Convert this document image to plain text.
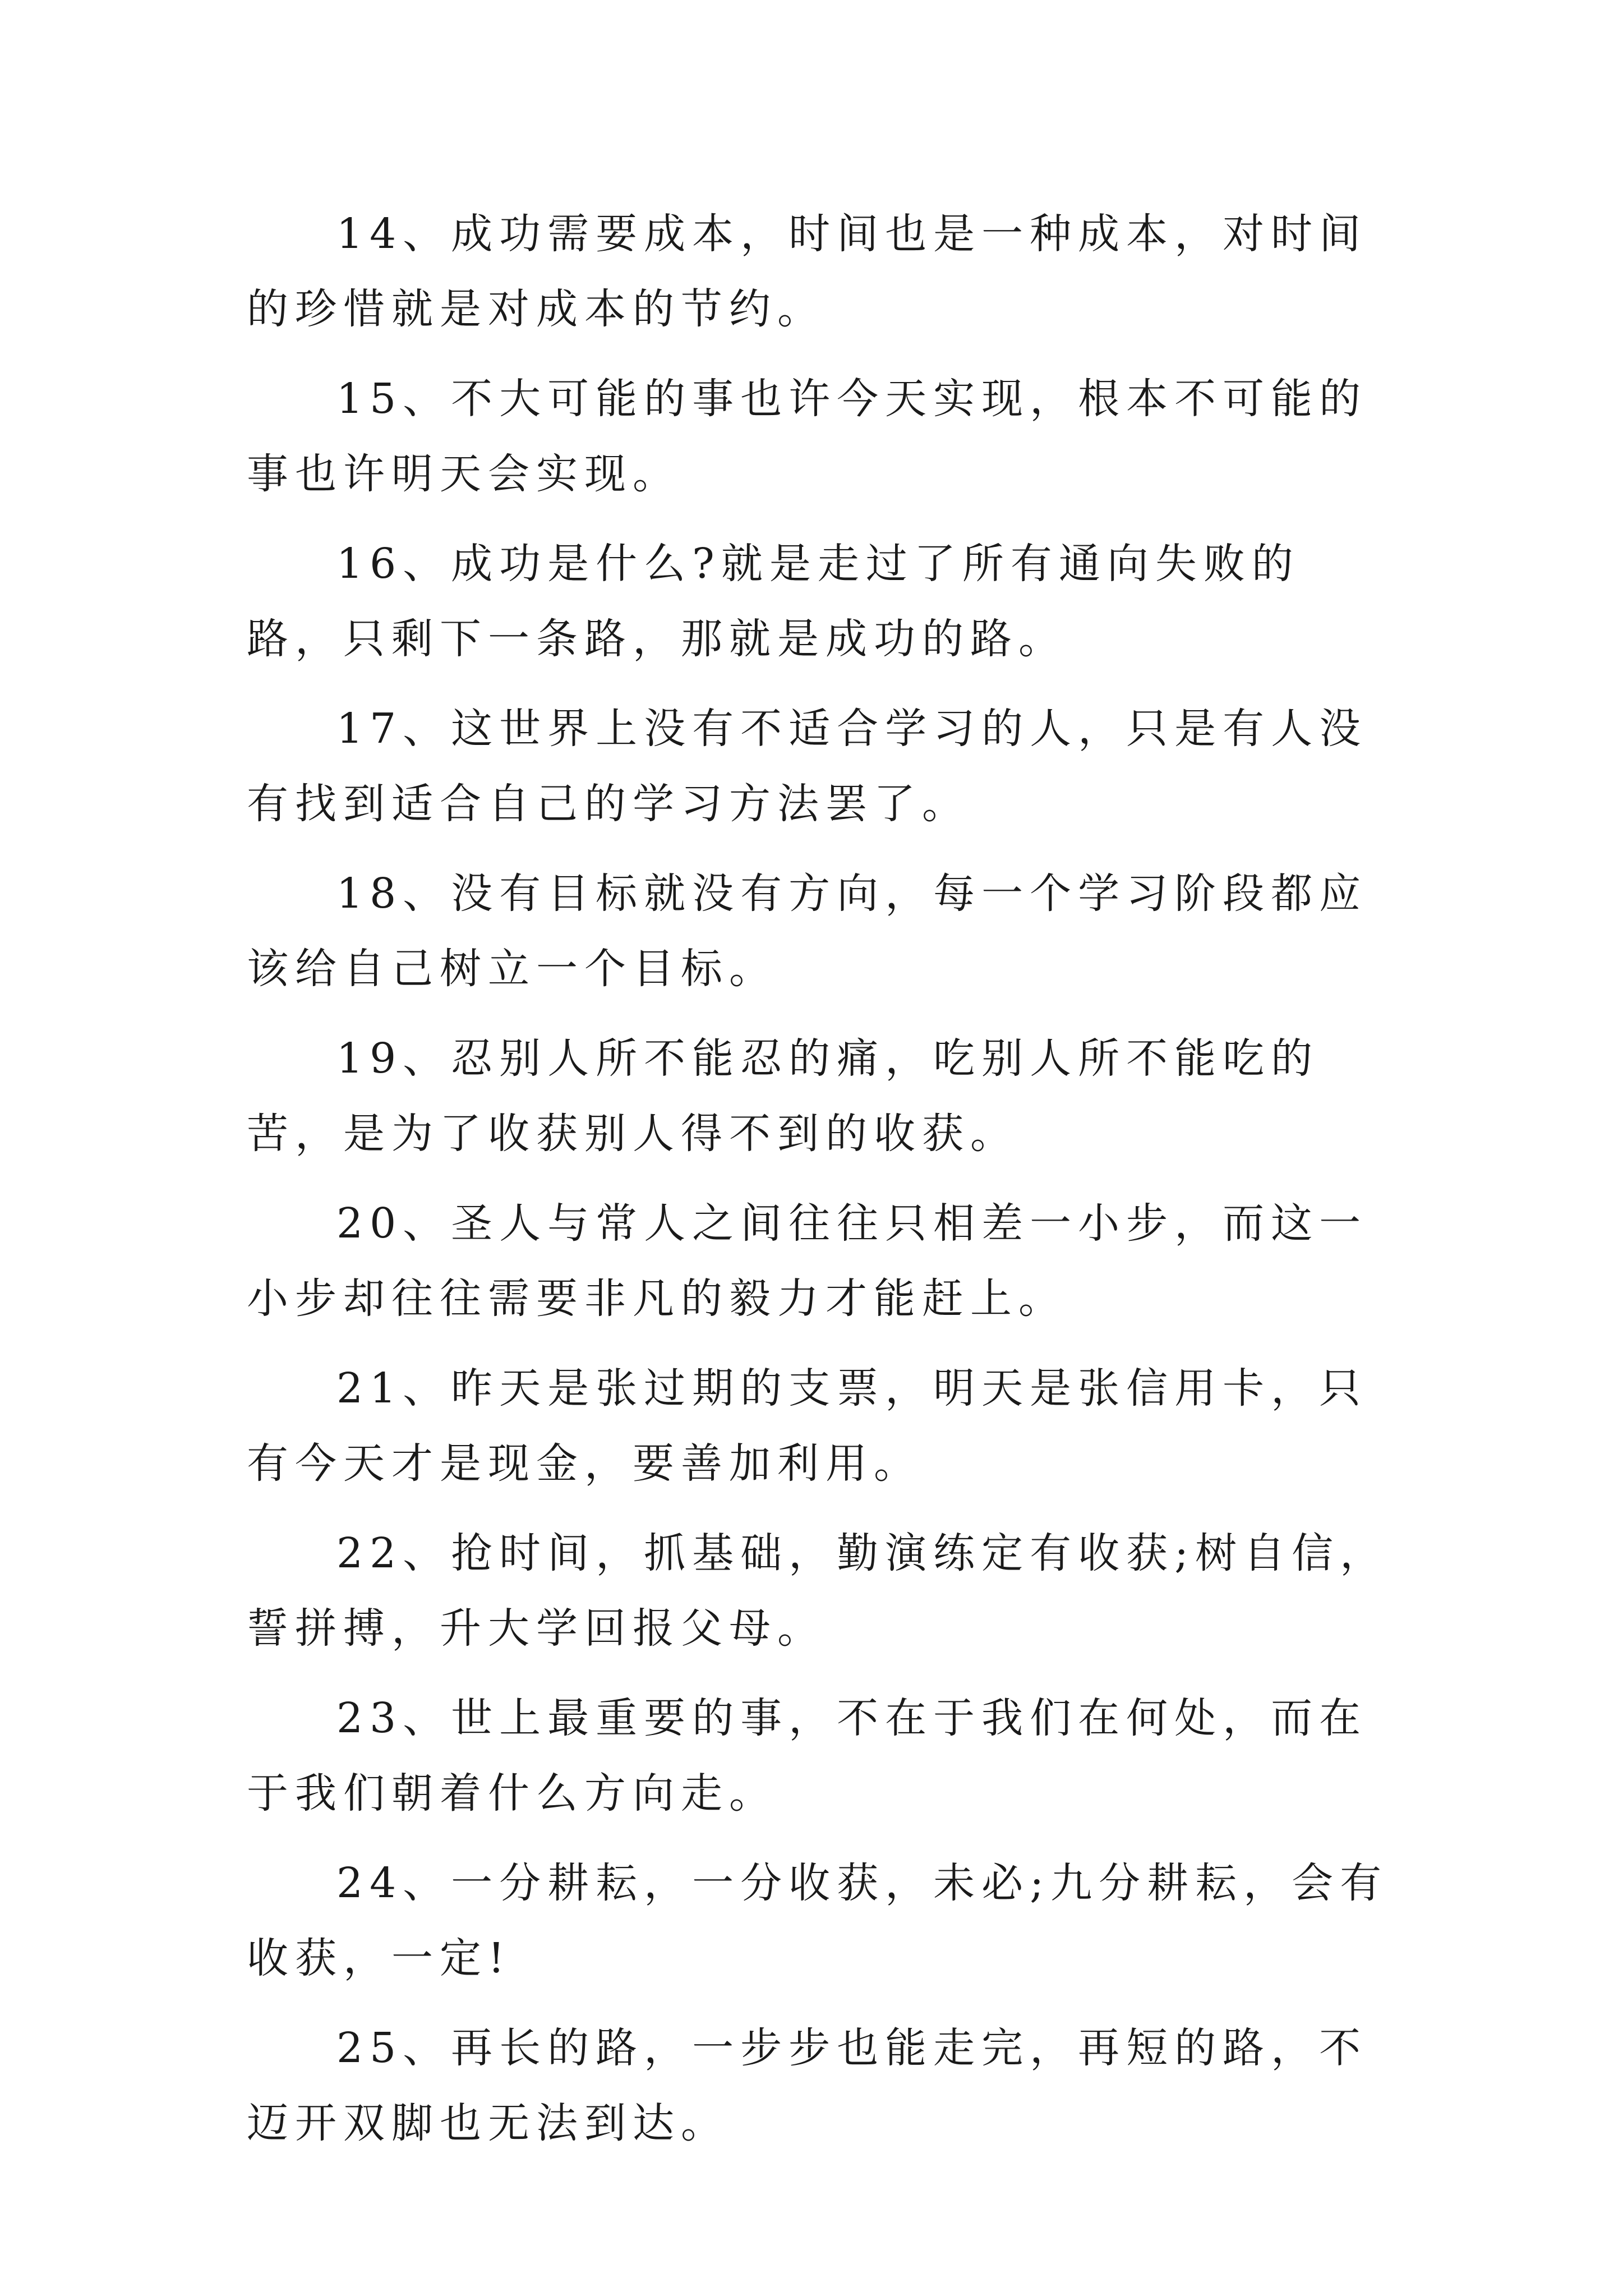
14、成功需要成本，时间也是一种成本，对时间的珍惜就是对成本的节约。

15、不大可能的事也许今天实现，根本不可能的事也许明天会实现。

16、成功是什么?就是走过了所有通向失败的路，只剩下一条路，那就是成功的路。

17、这世界上没有不适合学习的人，只是有人没有找到适合自己的学习方法罢了。

18、没有目标就没有方向，每一个学习阶段都应该给自己树立一个目标。

19、忍别人所不能忍的痛，吃别人所不能吃的苦，是为了收获别人得不到的收获。

20、圣人与常人之间往往只相差一小步，而这一小步却往往需要非凡的毅力才能赶上。

21、昨天是张过期的支票，明天是张信用卡，只有今天才是现金，要善加利用。

22、抢时间，抓基础，勤演练定有收获;树自信，誓拼搏，升大学回报父母。

23、世上最重要的事，不在于我们在何处，而在于我们朝着什么方向走。

24、一分耕耘，一分收获，未必;九分耕耘，会有收获，一定!

25、再长的路，一步步也能走完，再短的路，不迈开双脚也无法到达。
